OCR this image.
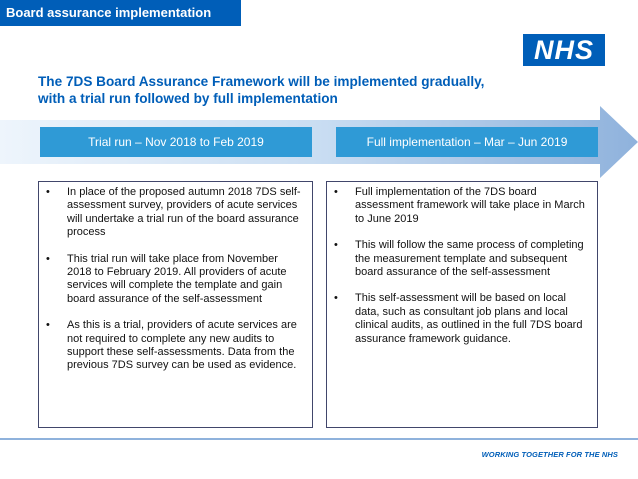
Board assurance implementation
NHS
The 7DS Board Assurance Framework will be implemented gradually,
with a trial run followed by full implementation
Trial run – Nov 2018 to Feb 2019	Full implementation – Mar – Jun 2019
• In place of the proposed autumn 2018 7DS self-assessment survey, providers of acute services will undertake a trial run of the board assurance process
• This trial run will take place from November 2018 to February 2019. All providers of acute services will complete the template and gain board assurance of the self-assessment
• As this is a trial, providers of acute services are not required to complete any new audits to support these self-assessments. Data from the previous 7DS survey can be used as evidence.
• Full implementation of the 7DS board assessment framework will take place in March to June 2019
• This will follow the same process of completing the measurement template and subsequent board assurance of the self-assessment
• This self-assessment will be based on local data, such as consultant job plans and local clinical audits, as outlined in the full 7DS board assurance framework guidance.
WORKING TOGETHER FOR THE NHS
